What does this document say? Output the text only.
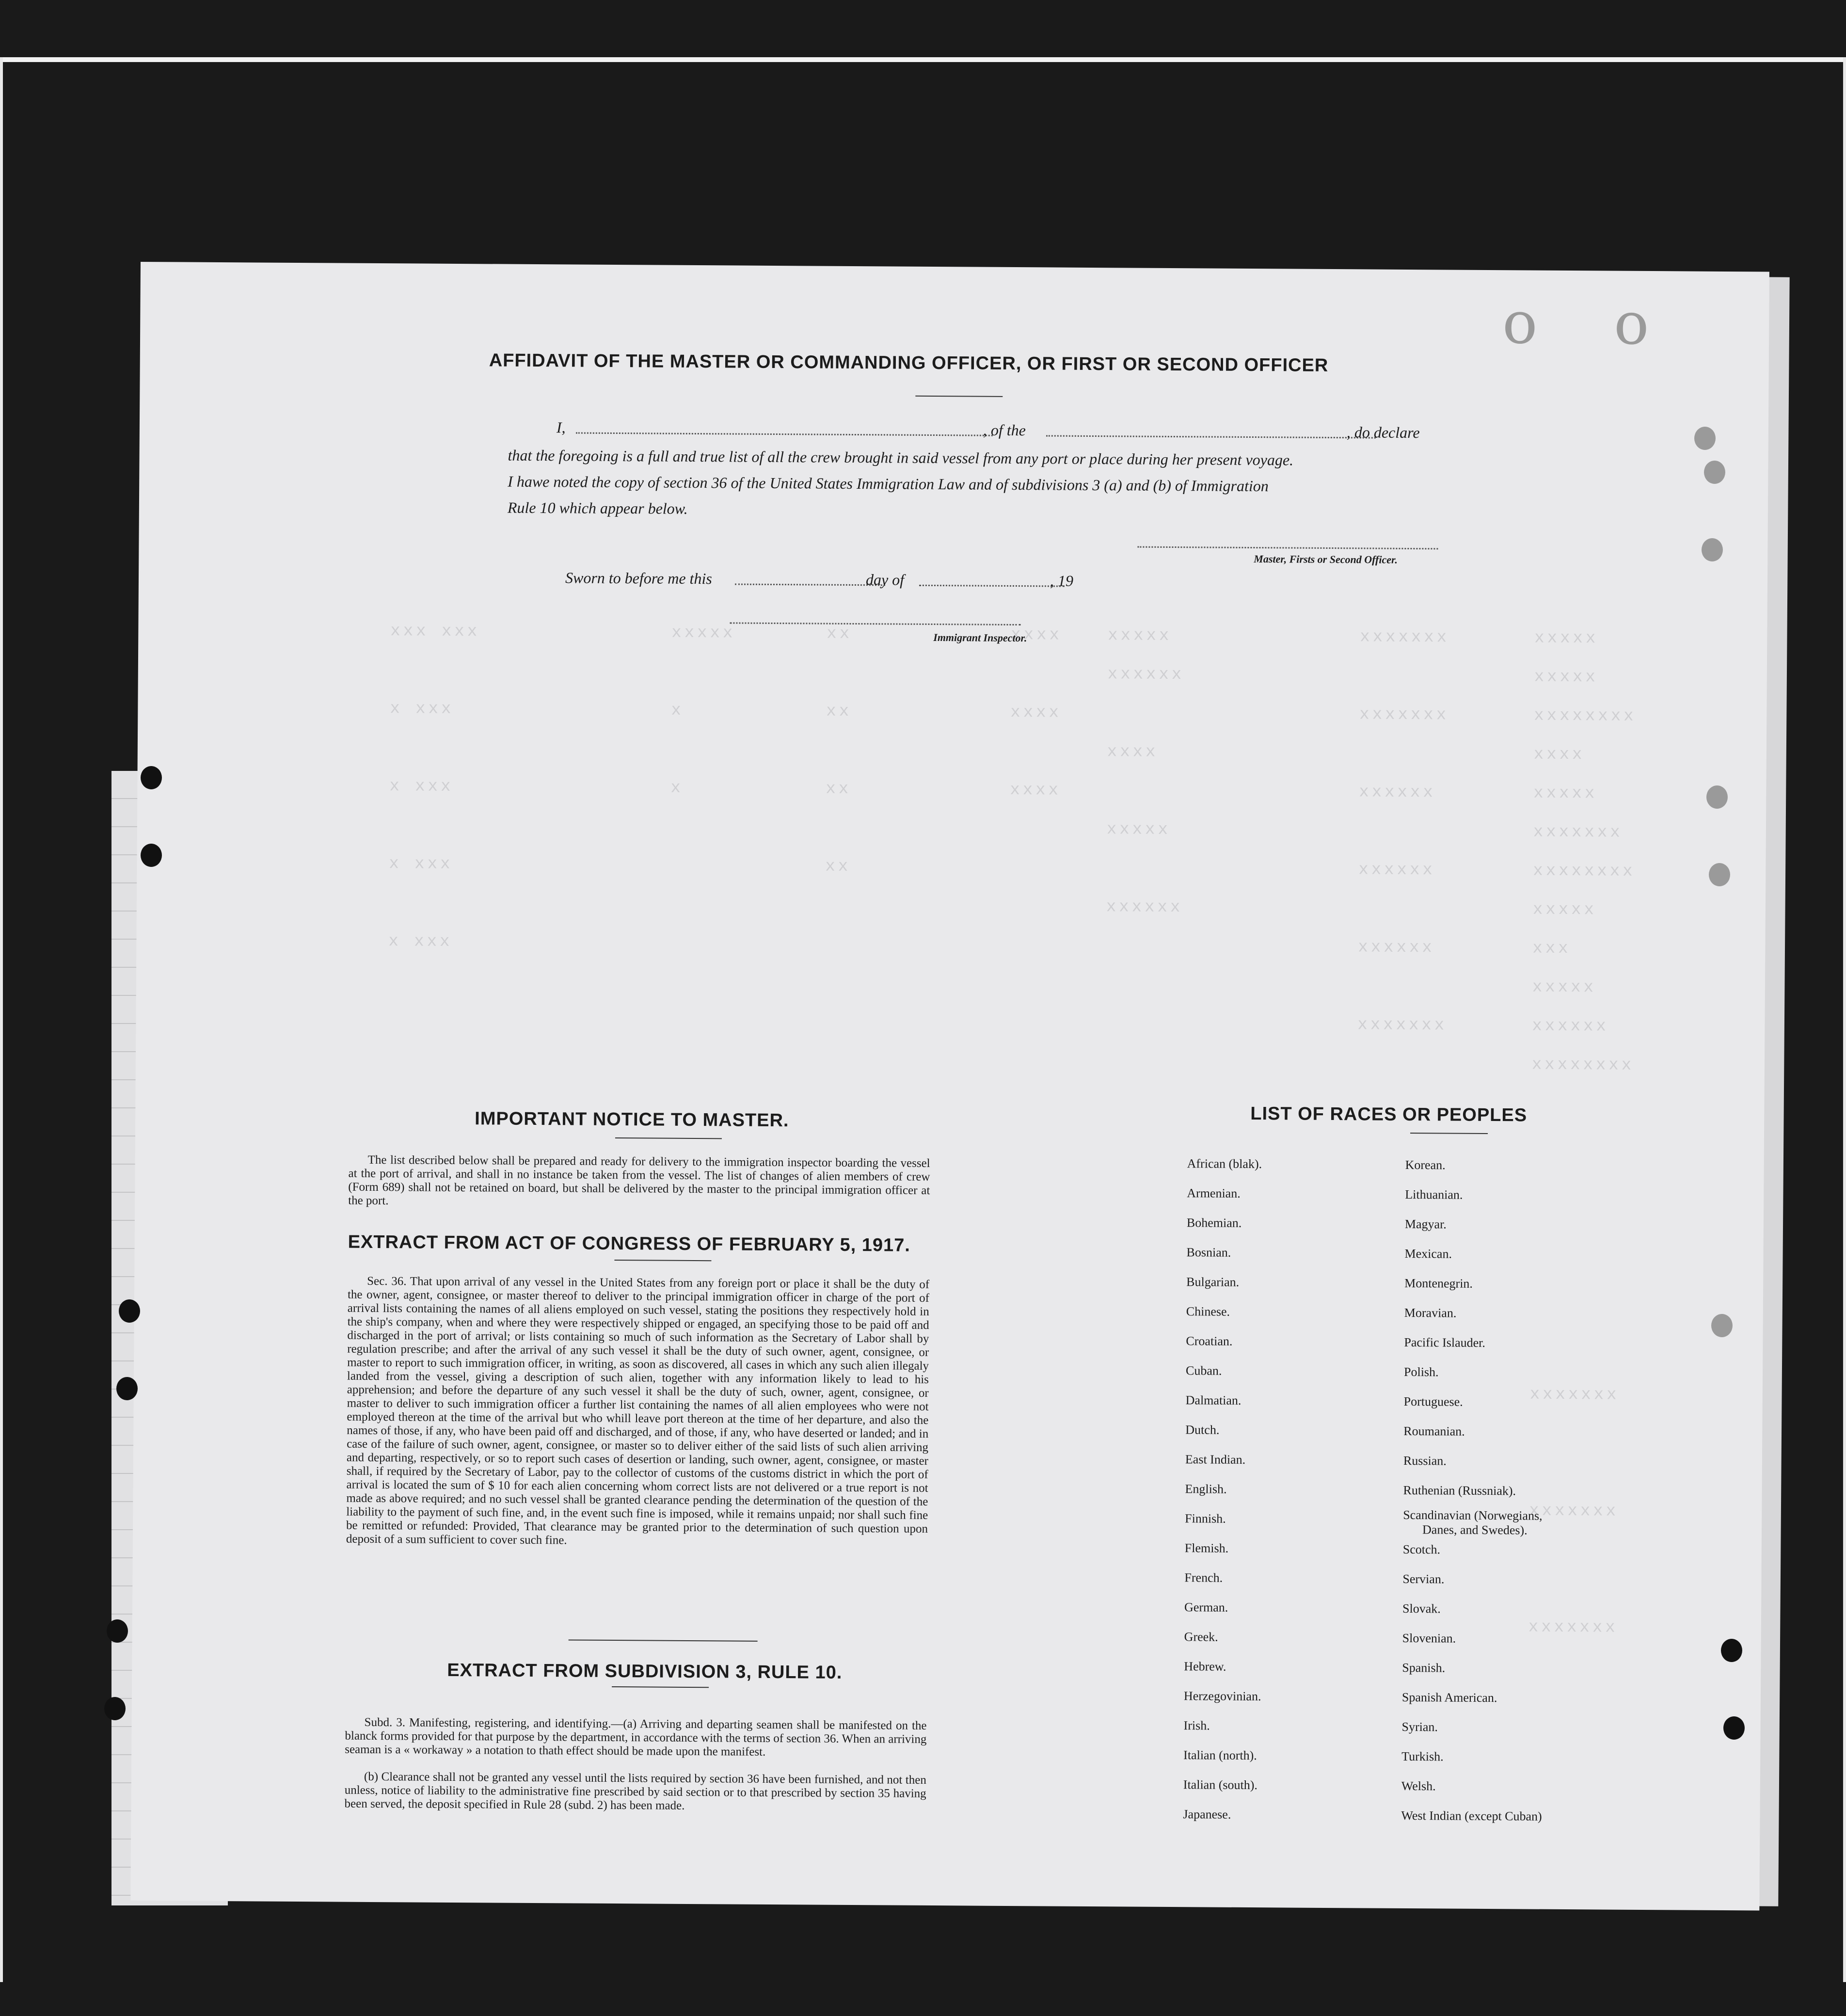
xxxxx
xxxxx
xxxxxxxx
xxxx
xxxxx
xxxxxxx
xxxxxxxx
xxxxx
xxx
xxxxx
xxxxxx
xxxxxxxx
xxxxxxx
xxxxxxx
xxxxxx
xxxxxx
xxxxxx
xxxxxxx
xxxxx
xxxxxx
xxxx
xxxxx
xxxxxx
xxxx
xxxx
xxxx
xx
xx
xx
xx
xxxxx
x
x
xxx xxx
x xxx
x xxx
x xxx
x xxx
xxxxxxx
xxxxxxx
xxxxxxx
o o
AFFIDAVIT OF THE MASTER OR COMMANDING OFFICER, OR FIRST OR SECOND OFFICER
I,	, of the	, do declare
that the foregoing is a full and true list of all the crew brought in said vessel from any port or place during her present voyage.
I hawe noted the copy of section 36 of the United States Immigration Law and of subdivisions 3 (a) and (b) of Immigration
Rule 10 which appear below.
Master, Firsts or Second Officer.
Sworn to before me this	day of	, 19
Immigrant Inspector.
IMPORTANT NOTICE TO MASTER.
The list described below shall be prepared and ready for delivery to the immigration inspector boarding the vessel at the port of arrival, and shall in no instance be taken from the vessel. The list of changes of alien members of crew (Form 689) shall not be retained on board, but shall be delivered by the master to the principal immigration officer at the port.
EXTRACT FROM ACT OF CONGRESS OF FEBRUARY 5, 1917.
Sec. 36. That upon arrival of any vessel in the United States from any foreign port or place it shall be the duty of the owner, agent, consignee, or master thereof to deliver to the principal immigration officer in charge of the port of arrival lists containing the names of all aliens employed on such vessel, stating the positions they respectively hold in the ship's company, when and where they were respectively shipped or engaged, an specifying those to be paid off and discharged in the port of arrival; or lists containing so much of such information as the Secretary of Labor shall by regulation prescribe; and after the arrival of any such vessel it shall be the duty of such owner, agent, consignee, or master to report to such immigration officer, in writing, as soon as discovered, all cases in which any such alien illegaly landed from the vessel, giving a description of such alien, together with any information likely to lead to his apprehension; and before the departure of any such vessel it shall be the duty of such, owner, agent, consignee, or master to deliver to such immigration officer a further list containing the names of all alien employees who were not employed thereon at the time of the arrival but who whill leave port thereon at the time of her departure, and also the names of those, if any, who have been paid off and discharged, and of those, if any, who have deserted or landed; and in case of the failure of such owner, agent, consignee, or master so to deliver either of the said lists of such alien arriving and departing, respectively, or so to report such cases of desertion or landing, such owner, agent, consignee, or master shall, if required by the Secretary of Labor, pay to the collector of customs of the customs district in which the port of arrival is located the sum of $ 10 for each alien concerning whom correct lists are not delivered or a true report is not made as above required; and no such vessel shall be granted clearance pending the determination of the question of the liability to the payment of such fine, and, in the event such fine is imposed, while it remains unpaid; nor shall such fine be remitted or refunded: Provided, That clearance may be granted prior to the determination of such question upon deposit of a sum sufficient to cover such fine.
EXTRACT FROM SUBDIVISION 3, RULE 10.
Subd. 3. Manifesting, registering, and identifying.—(a) Arriving and departing seamen shall be manifested on the blanck forms provided for that purpose by the department, in accordance with the terms of section 36. When an arriving seaman is a « workaway » a notation to thath effect should be made upon the manifest.
(b) Clearance shall not be granted any vessel until the lists required by section 36 have been furnished, and not then unless, notice of liability to the administrative fine prescribed by said section or to that prescribed by section 35 having been served, the deposit specified in Rule 28 (subd. 2) has been made.
LIST OF RACES OR PEOPLES
African (blak).
Armenian.
Bohemian.
Bosnian.
Bulgarian.
Chinese.
Croatian.
Cuban.
Dalmatian.
Dutch.
East Indian.
English.
Finnish.
Flemish.
French.
German.
Greek.
Hebrew.
Herzegovinian.
Irish.
Italian (north).
Italian (south).
Japanese.
Korean.
Lithuanian.
Magyar.
Mexican.
Montenegrin.
Moravian.
Pacific Islauder.
Polish.
Portuguese.
Roumanian.
Russian.
Ruthenian (Russniak).
Scandinavian (Norwegians,
Danes, and Swedes).
Scotch.
Servian.
Slovak.
Slovenian.
Spanish.
Spanish American.
Syrian.
Turkish.
Welsh.
West Indian (except Cuban)
